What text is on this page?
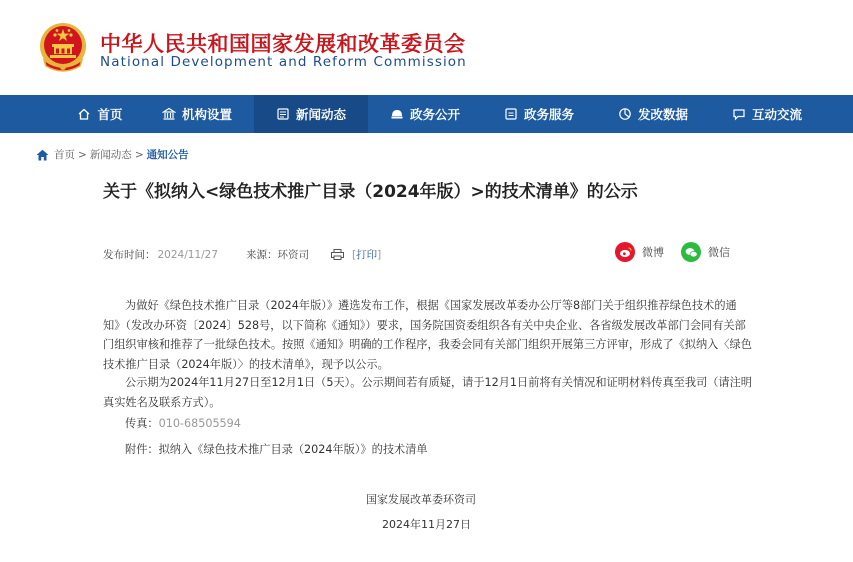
中华人民共和国国家发展和改革委员会
National Development and Reform Commission
首页	机构设置	新闻动态	政务公开	政务服务	发改数据	互动交流
首页 > 新闻动态 > 通知公告
关于《拟纳入<绿色技术推广目录（2024年版）>的技术清单》的公示
发布时间： 2024/11/27	来源： 环资司	[ 打印 ]	微博	微信
为做好《绿色技术推广目录（2024年版）》遴选发布工作，根据《国家发展改革委办公厅等8部门关于组织推荐绿色技术的通知》（发改办环资〔2024〕528号，以下简称《通知》）要求，国务院国资委组织各有关中央企业、各省级发展改革部门会同有关部门组织审核和推荐了一批绿色技术。按照《通知》明确的工作程序，我委会同有关部门组织开展第三方评审，形成了《拟纳入〈绿色技术推广目录（2024年版）〉的技术清单》，现予以公示。
公示期为2024年11月27日至12月1日（5天）。公示期间若有质疑，请于12月1日前将有关情况和证明材料传真至我司（请注明真实姓名及联系方式）。
传真：010-68505594
附件：拟纳入《绿色技术推广目录（2024年版）》的技术清单
国家发展改革委环资司
2024年11月27日
